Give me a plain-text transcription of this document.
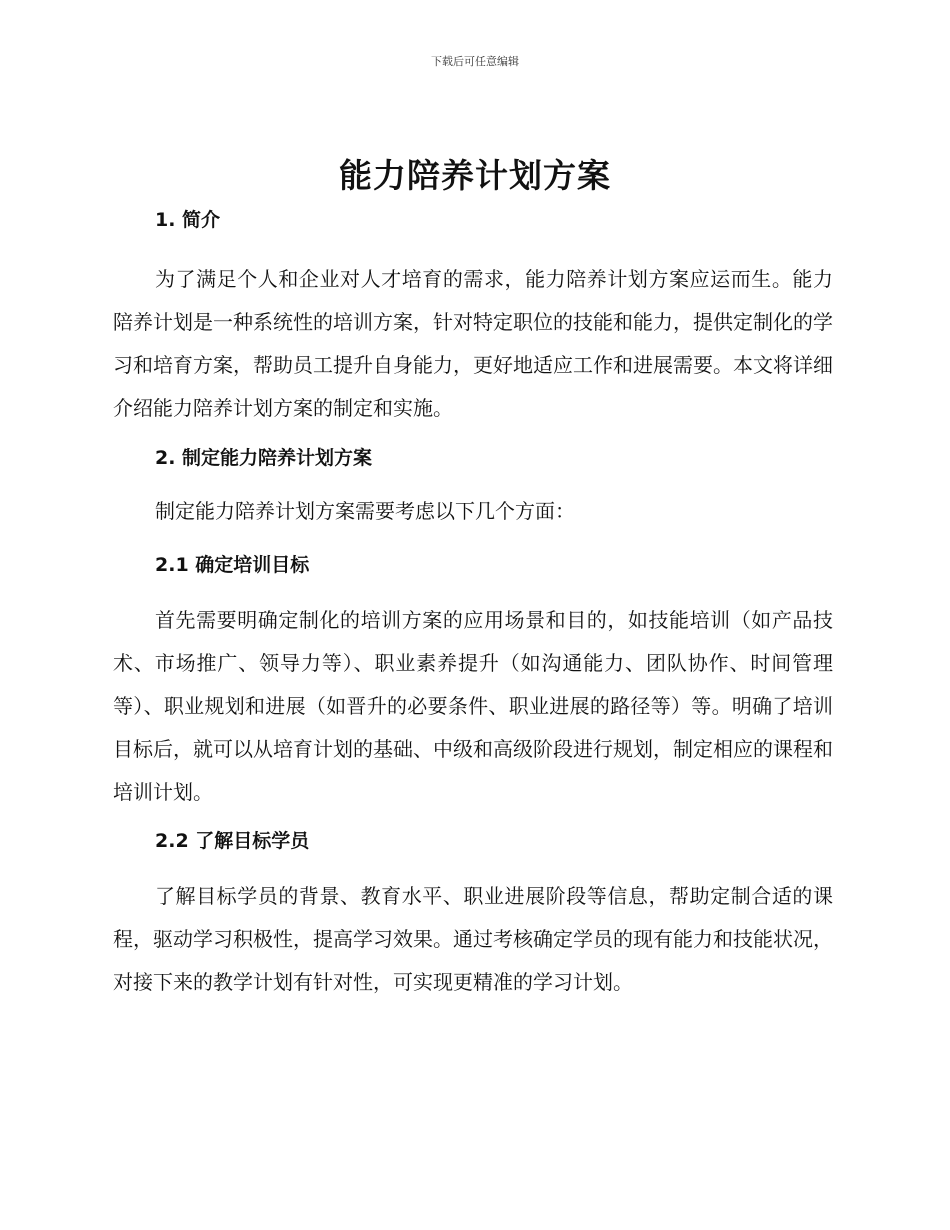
下载后可任意编辑
能力陪养计划方案

1. 简介

为了满足个人和企业对人才培育的需求，能力陪养计划方案应运而生。能力陪养计划是一种系统性的培训方案，针对特定职位的技能和能力，提供定制化的学习和培育方案，帮助员工提升自身能力，更好地适应工作和进展需要。本文将详细介绍能力陪养计划方案的制定和实施。

2. 制定能力陪养计划方案

制定能力陪养计划方案需要考虑以下几个方面：

2.1 确定培训目标

首先需要明确定制化的培训方案的应用场景和目的，如技能培训（如产品技术、市场推广、领导力等）、职业素养提升（如沟通能力、团队协作、时间管理等）、职业规划和进展（如晋升的必要条件、职业进展的路径等）等。明确了培训目标后，就可以从培育计划的基础、中级和高级阶段进行规划，制定相应的课程和培训计划。

2.2 了解目标学员

了解目标学员的背景、教育水平、职业进展阶段等信息，帮助定制合适的课程，驱动学习积极性，提高学习效果。通过考核确定学员的现有能力和技能状况，对接下来的教学计划有针对性，可实现更精准的学习计划。
